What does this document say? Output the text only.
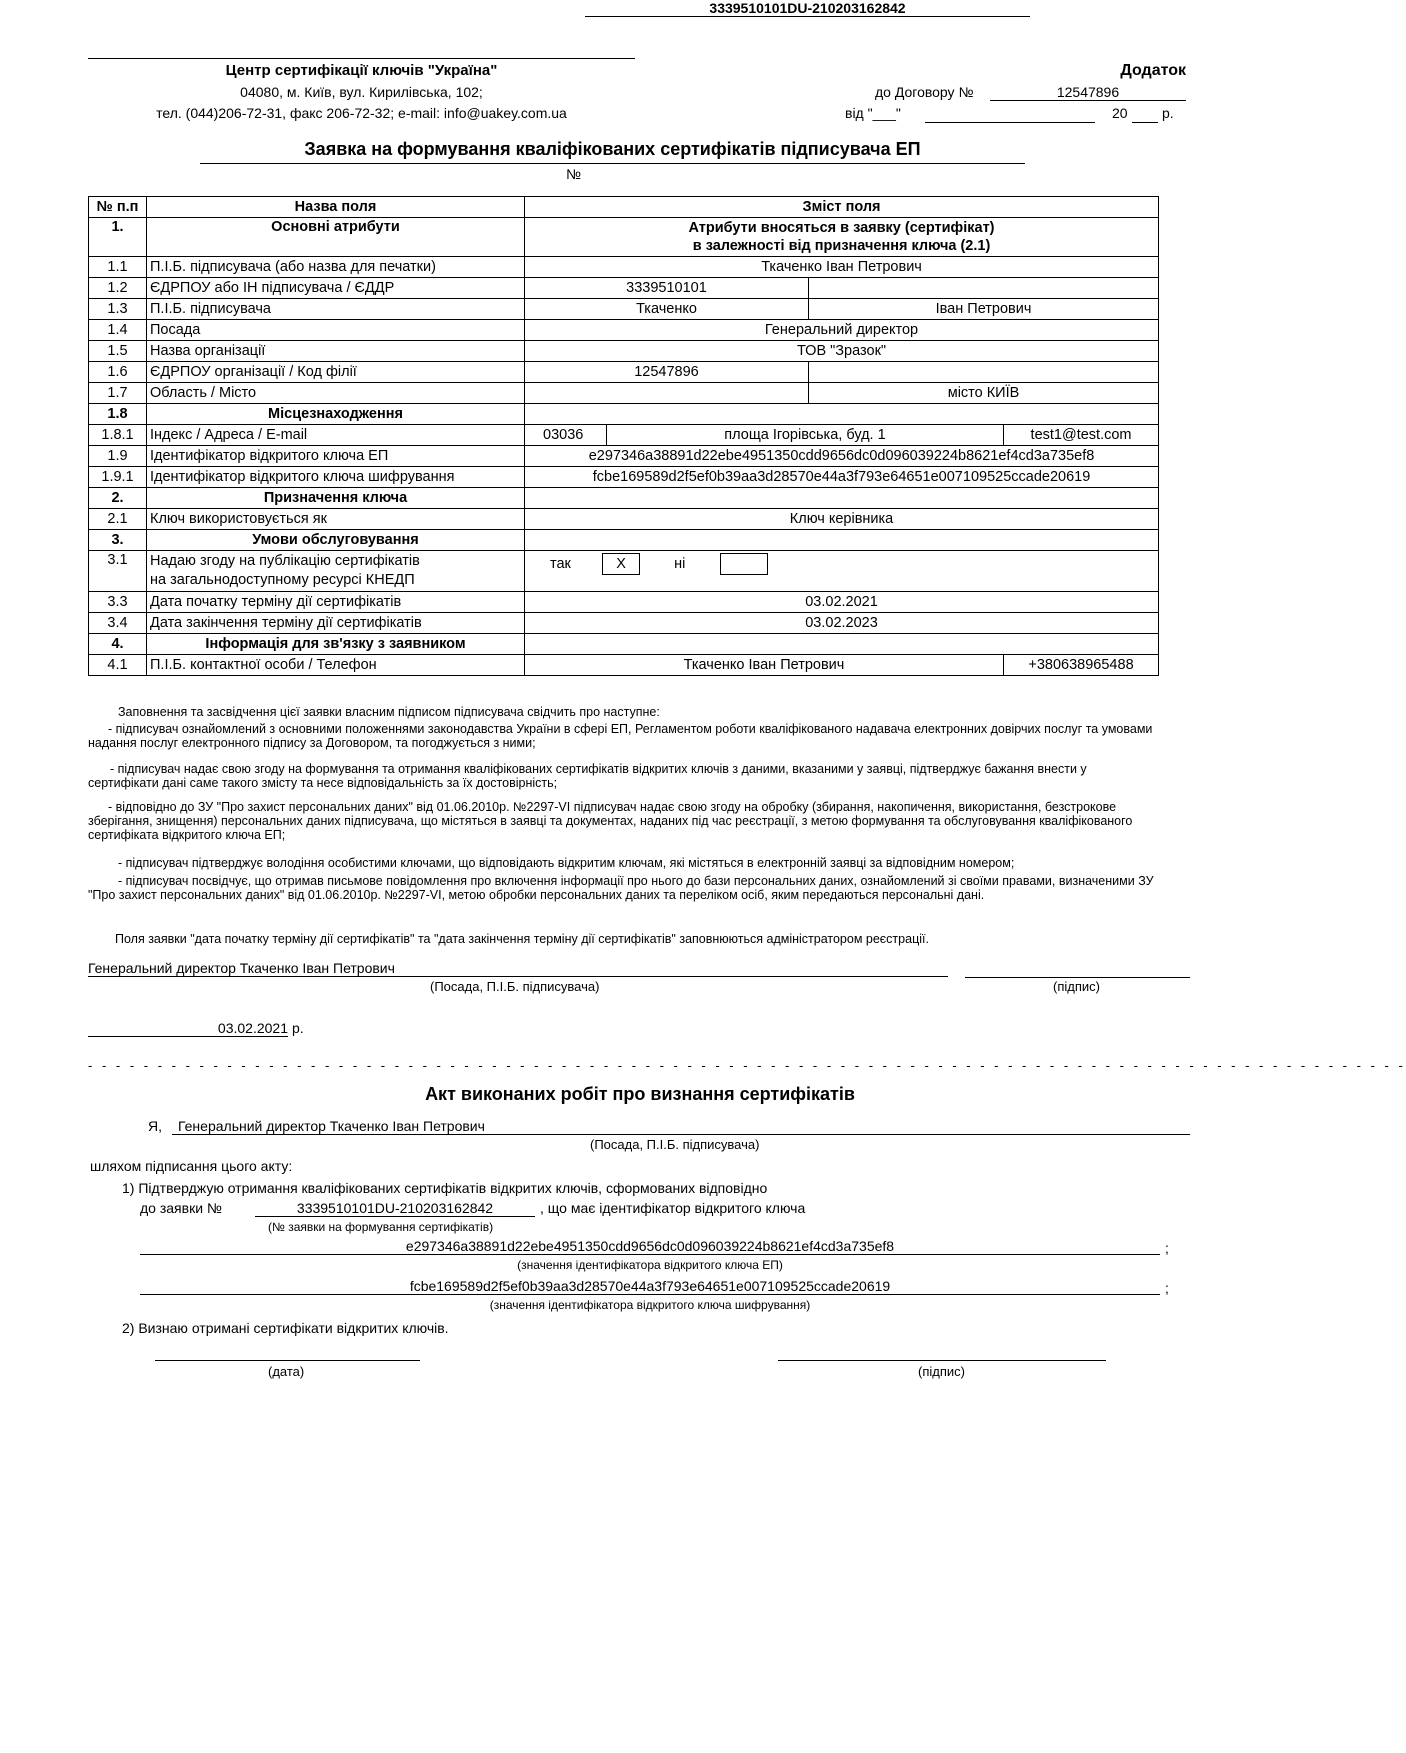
Центр сертифікації ключів "Україна"
04080, м. Київ, вул. Кирилівська, 102;
тел. (044)206-72-31, факс 206-72-32; e-mail: info@uakey.com.ua
Додаток
до Договору №	12547896
від "___"	20 р.
Заявка на формування кваліфікованих сертифікатів підписувача ЕП
№
3339510101DU-210203162842
№ п.п	Назва поля	Зміст поля			
1.	Основні атрибути	Атрибути вносяться в заявку (сертифікат)
в залежності від призначення ключа (2.1)			

1.1	П.І.Б. підписувача (або назва для печатки)	Ткаченко Іван Петрович			
1.2	ЄДРПОУ або ІН підписувача / ЄДДР	3339510101			
1.3	П.І.Б. підписувача	Ткаченко		Іван Петрович	
1.4	Посада	Генеральний директор			
1.5	Назва організації	ТОВ "Зразок"			
1.6	ЄДРПОУ організації / Код філії	12547896			
1.7	Область / Місто			місто КИЇВ	
1.8	Місцезнаходження				
1.8.1	Індекс / Адреса / E-mail	03036	площа Ігорівська, буд. 1		test1@test.com
1.9	Ідентифікатор відкритого ключа ЕП	e297346a38891d22ebe4951350cdd9656dc0d096039224b8621ef4cd3a735ef8			
1.9.1	Ідентифікатор відкритого ключа шифрування	fcbe169589d2f5ef0b39aa3d28570e44a3f793e64651e007109525ccade20619			
2.	Призначення ключа				
2.1	Ключ використовується як	Ключ керівника			
3.	Умови обслуговування				
3.1	Надаю згоду на публікацію сертифікатів
на загальнодоступному ресурсі КНЕДП	так X ні			
3.3	Дата початку терміну дії сертифікатів	03.02.2021			
3.4	Дата закінчення терміну дії сертифікатів	03.02.2023			
4.	Інформація для зв'язку з заявником				
4.1	П.І.Б. контактної особи / Телефон	Ткаченко Іван Петрович			+380638965488
Заповнення та засвідчення цієї заявки власним підписом підписувача свідчить про наступне:
- підписувач ознайомлений з основними положеннями законодавства України в сфері ЕП, Регламентом роботи кваліфікованого надавача електронних довірчих послуг та умовами надання послуг електронного підпису за Договором, та погоджується з ними;
- підписувач надає свою згоду на формування та отримання кваліфікованих сертифікатів відкритих ключів з даними, вказаними у заявці, підтверджує бажання внести у сертифікати дані саме такого змісту та несе відповідальність за їх достовірність;
- відповідно до ЗУ "Про захист персональних даних" від 01.06.2010р. №2297-VI підписувач надає свою згоду на обробку (збирання, накопичення, використання, безстрокове зберігання, знищення) персональних даних підписувача, що містяться в заявці та документах, наданих під час реєстрації, з метою формування та обслуговування кваліфікованого сертифіката відкритого ключа ЕП;
- підписувач підтверджує володіння особистими ключами, що відповідають відкритим ключам, які містяться в електронній заявці за відповідним номером;
- підписувач посвідчує, що отримав письмове повідомлення про включення інформації про нього до бази персональних даних, ознайомлений зі своїми правами, визначеними ЗУ "Про захист персональних даних" від 01.06.2010р. №2297-VI, метою обробки персональних даних та переліком осіб, яким передаються персональні дані.
Поля заявки "дата початку терміну дії сертифікатів" та "дата закінчення терміну дії сертифікатів" заповнюються адміністратором реєстрації.
Генеральний директор Ткаченко Іван Петрович
(Посада, П.І.Б. підписувача)	(підпис)
03.02.2021 р.
- - - - - - - - - - - - - - - - - - - - - - - - - - - - - - - - - - - - - - - - - - - - - - - - - - - - - - - - - - - - - - - - - - - - - - - - - - - - - - - - - - - - - - - - - - - - - - -
Акт виконаних робіт про визнання сертифікатів
Я,	Генеральний директор Ткаченко Іван Петрович
(Посада, П.І.Б. підписувача)
шляхом підписання цього акту:
1) Підтверджую отримання кваліфікованих сертифікатів відкритих ключів, сформованих відповідно
до заявки №	3339510101DU-210203162842	, що має ідентифікатор відкритого ключа
(№ заявки на формування сертифікатів)
e297346a38891d22ebe4951350cdd9656dc0d096039224b8621ef4cd3a735ef8	;
(значення ідентифікатора відкритого ключа ЕП)
fcbe169589d2f5ef0b39aa3d28570e44a3f793e64651e007109525ccade20619	;
(значення ідентифікатора відкритого ключа шифрування)
2) Визнаю отримані сертифікати відкритих ключів.
(дата)	(підпис)
